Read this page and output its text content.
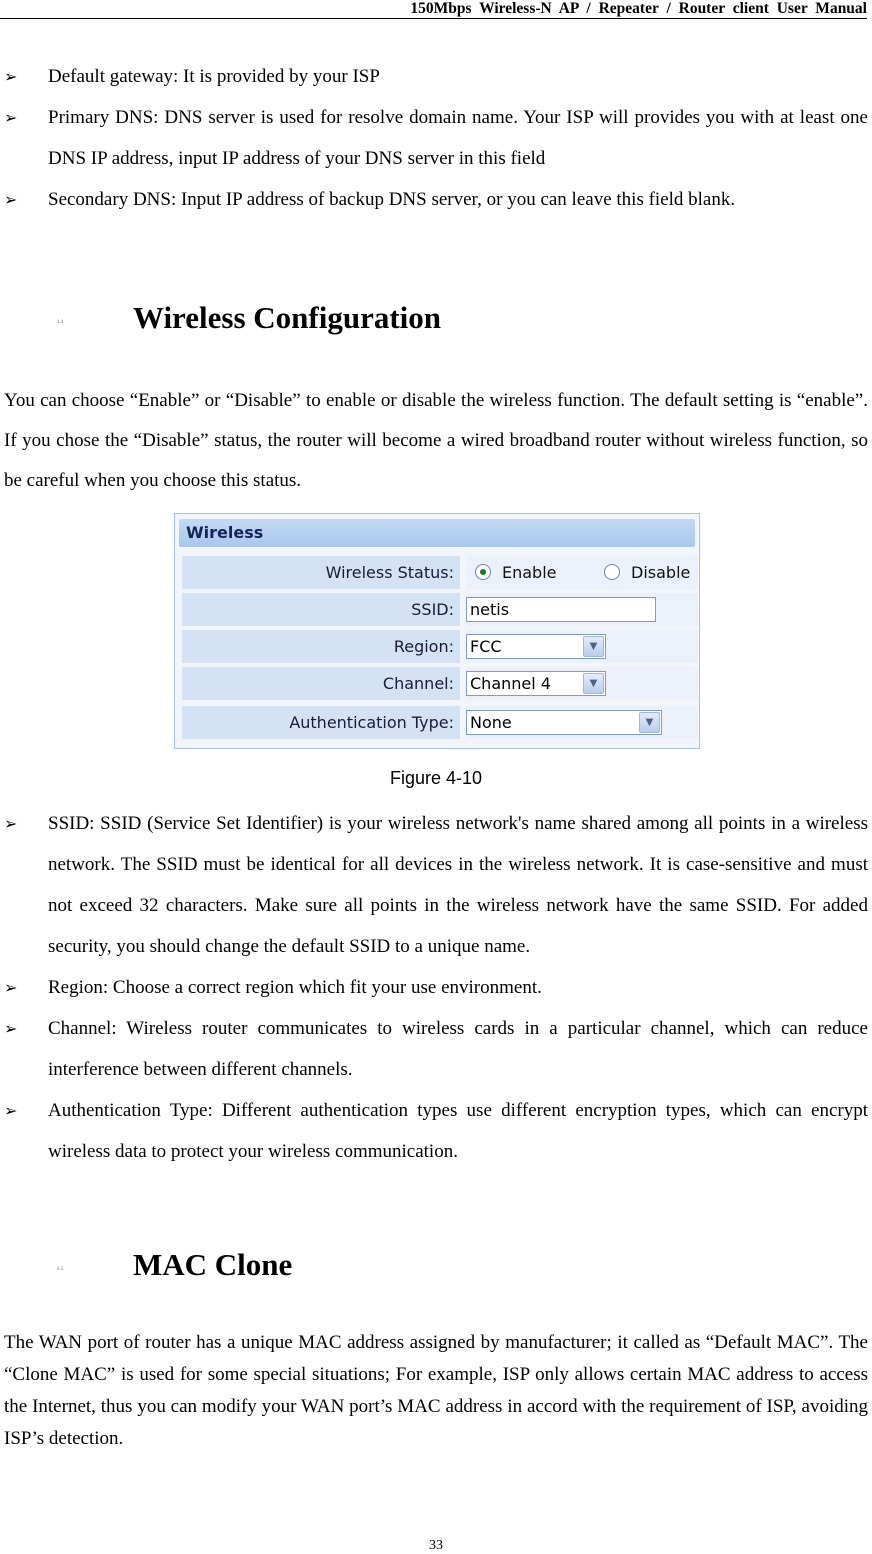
150Mbps Wireless-N AP / Repeater / Router client User Manual
➢ Default gateway: It is provided by your ISP
➢ Primary DNS: DNS server is used for resolve domain name. Your ISP will provides you with at least one DNS IP address, input IP address of your DNS server in this field
➢ Secondary DNS: Input IP address of backup DNS server, or you can leave this field blank.
4.4 Wireless Configuration

You can choose “Enable” or “Disable” to enable or disable the wireless function. The default setting is “enable”. If you chose the “Disable” status, the router will become a wired broadband router without wireless function, so be careful when you choose this status.

Wireless
Wireless Status:	Enable	Disable
SSID:	netis
Region:	FCC	▼
Channel:	Channel 4	▼
Authentication Type:	None	▼
Figure 4-10
➢ SSID: SSID (Service Set Identifier) is your wireless network's name shared among all points in a wireless network. The SSID must be identical for all devices in the wireless network. It is case-sensitive and must not exceed 32 characters. Make sure all points in the wireless network have the same SSID. For added security, you should change the default SSID to a unique name.
➢ Region: Choose a correct region which fit your use environment.
➢ Channel: Wireless router communicates to wireless cards in a particular channel, which can reduce interference between different channels.
➢ Authentication Type: Different authentication types use different encryption types, which can encrypt wireless data to protect your wireless communication.
4.5 MAC Clone

The WAN port of router has a unique MAC address assigned by manufacturer; it called as “Default MAC”. The “Clone MAC” is used for some special situations; For example, ISP only allows certain MAC address to access the Internet, thus you can modify your WAN port’s MAC address in accord with the requirement of ISP, avoiding ISP’s detection.

33
